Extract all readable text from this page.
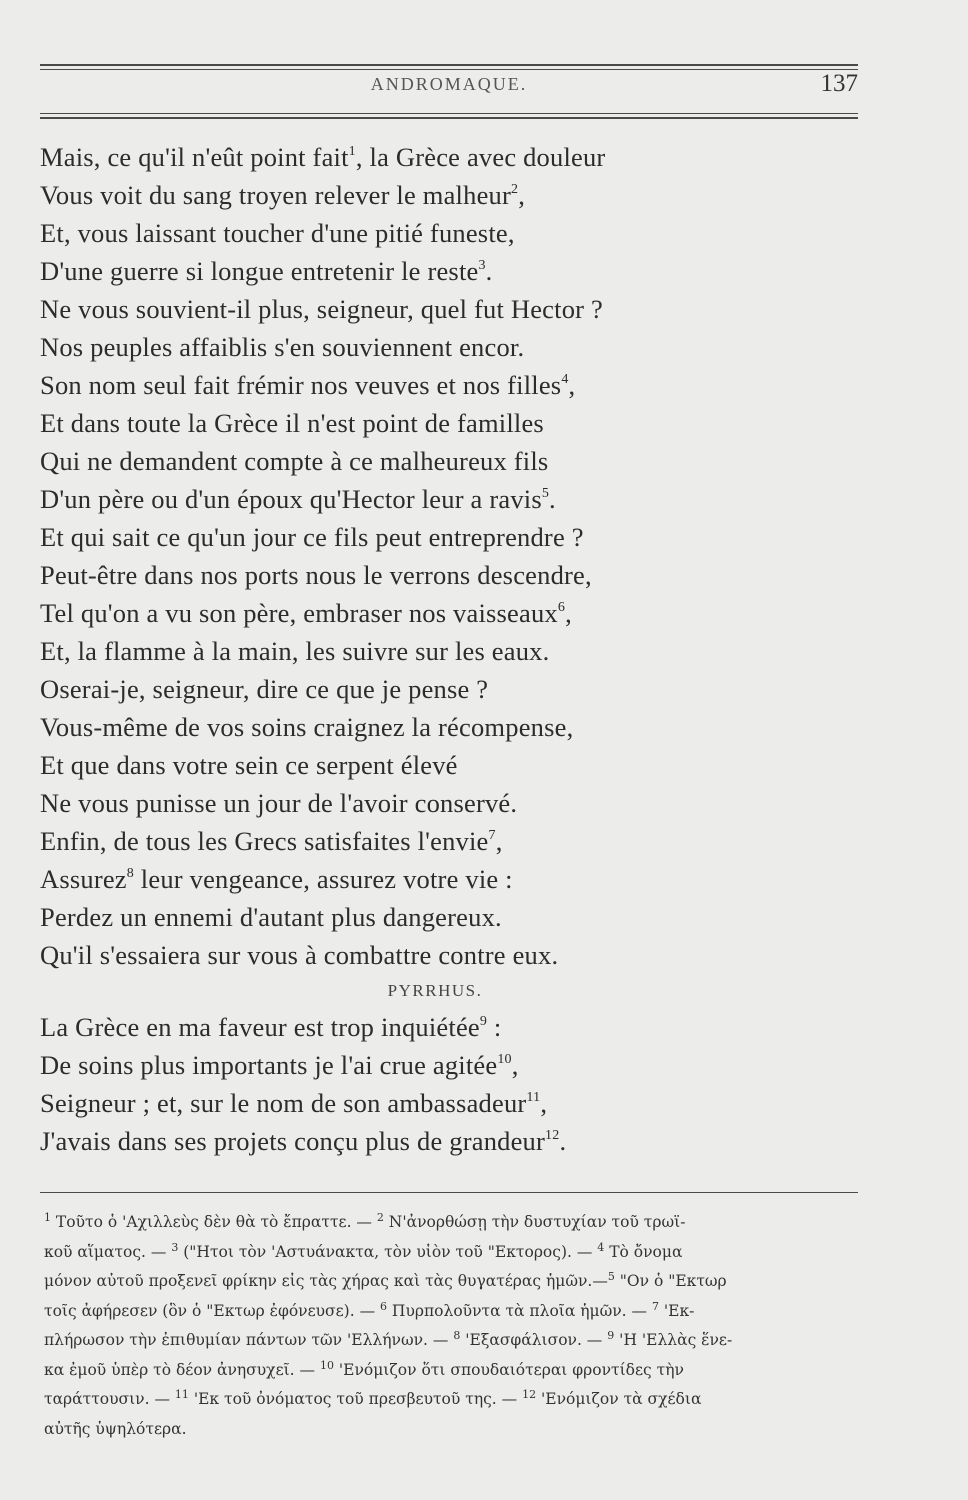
ANDROMAQUE.	137
Mais, ce qu'il n'eût point fait$^1$, la Grèce avec douleur
Vous voit du sang troyen relever le malheur$^2$,
Et, vous laissant toucher d'une pitié funeste,
D'une guerre si longue entretenir le reste$^3$.
Ne vous souvient-il plus, seigneur, quel fut Hector ?
Nos peuples affaiblis s'en souviennent encor.
Son nom seul fait frémir nos veuves et nos filles$^4$,
Et dans toute la Grèce il n'est point de familles
Qui ne demandent compte à ce malheureux fils
D'un père ou d'un époux qu'Hector leur a ravis$^5$.
Et qui sait ce qu'un jour ce fils peut entreprendre ?
Peut-être dans nos ports nous le verrons descendre,
Tel qu'on a vu son père, embraser nos vaisseaux$^6$,
Et, la flamme à la main, les suivre sur les eaux.
Oserai-je, seigneur, dire ce que je pense ?
Vous-même de vos soins craignez la récompense,
Et que dans votre sein ce serpent élevé
Ne vous punisse un jour de l'avoir conservé.
Enfin, de tous les Grecs satisfaites l'envie$^7$,
Assurez$^8$ leur vengeance, assurez votre vie :
Perdez un ennemi d'autant plus dangereux.
Qu'il s'essaiera sur vous à combattre contre eux.
PYRRHUS.
La Grèce en ma faveur est trop inquiétée$^9$ :
De soins plus importants je l'ai crue agitée$^{10}$,
Seigneur ; et, sur le nom de son ambassadeur$^{11}$,
J'avais dans ses projets conçu plus de grandeur$^{12}$.
$^1$ Τοῦτο ὁ 'Αχιλλεὺς δὲν θὰ τὸ ἔπραττε. — $^2$ Ν'ἀνορθώσῃ τὴν δυστυχίαν τοῦ τρωϊ-
κοῦ αἵματος. — $^3$ ("Ητοι τὸν 'Αστυάνακτα, τὸν υἱὸν τοῦ "Εκτορος). — $^4$ Τὸ ὄνομα
μόνον αὐτοῦ προξενεῖ φρίκην εἰς τὰς χήρας καὶ τὰς θυγατέρας ἡμῶν.—$^5$ "Ον ὁ "Εκτωρ
τοῖς ἀφήρεσεν (ὃν ὁ "Εκτωρ ἐφόνευσε). — $^6$ Πυρπολοῦντα τὰ πλοῖα ἡμῶν. — $^7$ 'Εκ-
πλήρωσον τὴν ἐπιθυμίαν πάντων τῶν 'Ελλήνων. — $^8$ 'Εξασφάλισον. — $^9$ 'Η 'Ελλὰς ἕνε-
κα ἐμοῦ ὑπὲρ τὸ δέον ἀνησυχεῖ. — $^{10}$ 'Ενόμιζον ὅτι σπουδαιότεραι φροντίδες τὴν
ταράττουσιν. — $^{11}$ 'Εκ τοῦ ὀνόματος τοῦ πρεσβευτοῦ της. — $^{12}$ 'Ενόμιζον τὰ σχέδια
αὐτῆς ὑψηλότερα.
